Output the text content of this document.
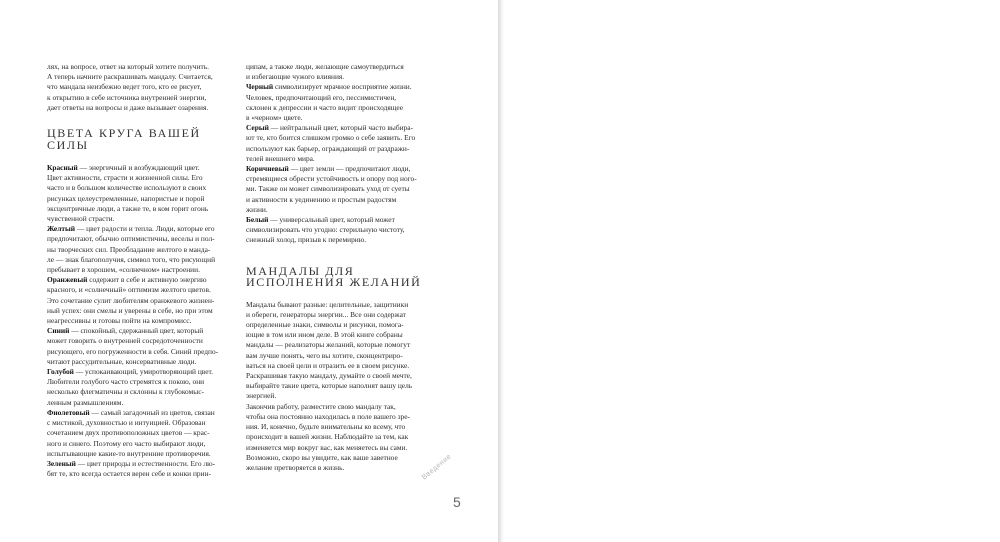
лях, на вопросе, ответ на который хотите получить.
А теперь начните раскрашивать мандалу. Считается,
что мандала неизбежно ведет того, кто ее рисует,
к открытию в себе источника внутренней энергии,
дает ответы на вопросы и даже вызывает озарения.
ЦВЕТА КРУГА ВАШЕЙ СИЛЫ
Красный — энергичный и возбуждающий цвет.
Цвет активности, страсти и жизненной силы. Его
часто и в большом количестве используют в своих
рисунках целеустремленные, напористые и порой
эксцентричные люди, а также те, в ком горит огонь
чувственной страсти.
Желтый — цвет радости и тепла. Люди, которые его
предпочитают, обычно оптимистичны, веселы и пол-
ны творческих сил. Преобладание желтого в манда-
ле — знак благополучия, символ того, что рисующий
пребывает в хорошем, «солнечном» настроении.
Оранжевый содержит в себе и активную энергию
красного, и «солнечный» оптимизм желтого цветов.
Это сочетание сулит любителям оранжевого жизнен-
ный успех: они смелы и уверены в себе, но при этом
неагрессивны и готовы пойти на компромисс.
Синий — спокойный, сдержанный цвет, который
может говорить о внутренней сосредоточенности
рисующего, его погруженности в себя. Синий предпо-
читают рассудительные, консервативные люди.
Голубой — успокаивающий, умиротворяющий цвет.
Любители голубого часто стремятся к покою, они
несколько флегматичны и склонны к глубокомыс-
ленным размышлениям.
Фиолетовый — самый загадочный из цветов, связан
с мистикой, духовностью и интуицией. Образован
сочетанием двух противоположных цветов — крас-
ного и синего. Поэтому его часто выбирают люди,
испытывающие какие-то внутренние противоречия.
Зеленый — цвет природы и естественности. Его лю-
бят те, кто всегда остается верен себе и конки прин-
ципам, а также люди, желающие самоутвердиться
и избегающие чужого влияния.
Черный символизирует мрачное восприятие жизни.
Человек, предпочитающий его, пессимистичен,
склонен к депрессии и часто видит происходящее
в «черном» цвете.
Серый — нейтральный цвет, который часто выбира-
ют те, кто боится слишком громко о себе заявить. Его
используют как барьер, ограждающий от раздражи-
телей внешнего мира.
Коричневый — цвет земли — предпочитают люди,
стремящиеся обрести устойчивость и опору под ного-
ми. Также он может символизировать уход от суеты
и активности к уединению и простым радостям
жизни.
Белый — универсальный цвет, который может
символизировать что угодно: стерильную чистоту,
снежный холод, призыв к перемирию.
МАНДАЛЫ ДЛЯ
ИСПОЛНЕНИЯ ЖЕЛАНИЙ
Мандалы бывают разные: целительные, защитники
и обереги, генераторы энергии... Все они содержат
определенные знаки, символы и рисунки, помога-
ющие в том или ином деле. В этой книге собраны
мандалы — реализаторы желаний, которые помогут
вам лучше понять, чего вы хотите, сконцентриро-
ваться на своей цели и отразить ее в своем рисунке.
Раскрашивая такую мандалу, думайте о своей мечте,
выбирайте такие цвета, которые наполнят вашу цель
энергией.
Закончив работу, разместите свою мандалу так,
чтобы она постоянно находилась в поле вашего зре-
ния. И, конечно, будьте внимательны ко всему, что
происходит в вашей жизни. Наблюдайте за тем, как
изменяется мир вокруг вас, как меняетесь вы сами.
Возможно, скоро вы увидите, как ваше заветное
желание претворяется в жизнь.	Введение
5
